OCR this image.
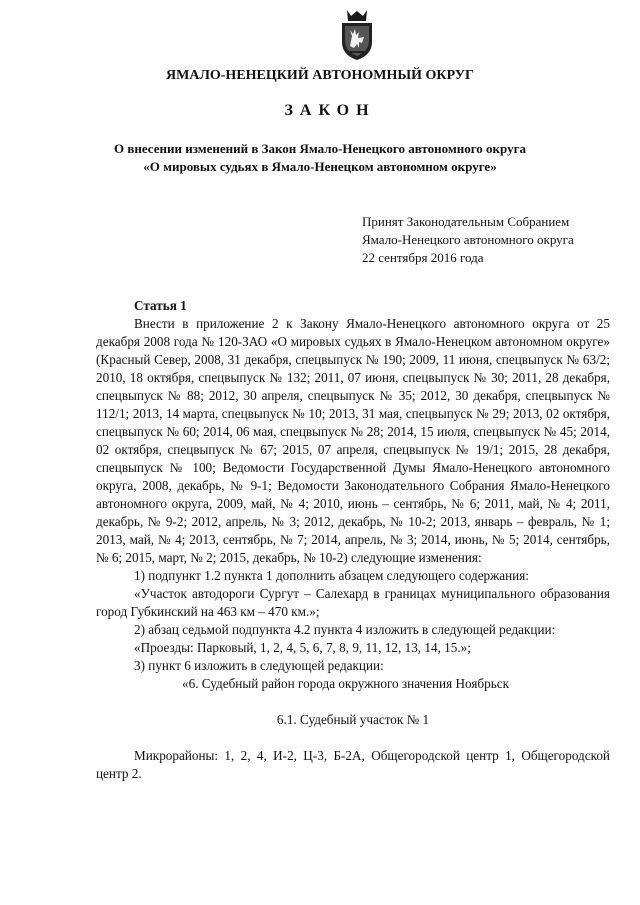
ЯМАЛО-НЕНЕЦКИЙ АВТОНОМНЫЙ ОКРУГ
ЗАКОН
О внесении изменений в Закон Ямало-Ненецкого автономного округа
«О мировых судьях в Ямало-Ненецком автономном округе»
Принят Законодательным Собранием
Ямало-Ненецкого автономного округа
22 сентября 2016 года

Статья 1

Внести в приложение 2 к Закону Ямало-Ненецкого автономного округа от 25 декабря 2008 года № 120-ЗАО «О мировых судьях в Ямало-Ненецком автономном округе» (Красный Север, 2008, 31 декабря, спецвыпуск № 190; 2009, 11 июня, спецвыпуск № 63/2; 2010, 18 октября, спецвыпуск № 132; 2011, 07 июня, спецвыпуск № 30; 2011, 28 декабря, спецвыпуск № 88; 2012, 30 апреля, спецвыпуск № 35; 2012, 30 декабря, спецвыпуск № 112/1; 2013, 14 марта, спецвыпуск № 10; 2013, 31 мая, спецвыпуск № 29; 2013, 02 октября, спецвыпуск № 60; 2014, 06 мая, спецвыпуск № 28; 2014, 15 июля, спецвыпуск № 45; 2014, 02 октября, спецвыпуск № 67; 2015, 07 апреля, спецвыпуск № 19/1; 2015, 28 декабря, спецвыпуск № 100; Ведомости Государственной Думы Ямало-Ненецкого автономного округа, 2008, декабрь, № 9-1; Ведомости Законодательного Собрания Ямало-Ненецкого автономного округа, 2009, май, № 4; 2010, июнь – сентябрь, № 6; 2011, май, № 4; 2011, декабрь, № 9-2; 2012, апрель, № 3; 2012, декабрь, № 10-2; 2013, январь – февраль, № 1; 2013, май, № 4; 2013, сентябрь, № 7; 2014, апрель, № 3; 2014, июнь, № 5; 2014, сентябрь, № 6; 2015, март, № 2; 2015, декабрь, № 10-2) следующие изменения:

1) подпункт 1.2 пункта 1 дополнить абзацем следующего содержания:

«Участок автодороги Сургут – Салехард в границах муниципального образования город Губкинский на 463 км – 470 км.»;

2) абзац седьмой подпункта 4.2 пункта 4 изложить в следующей редакции:

«Проезды: Парковый, 1, 2, 4, 5, 6, 7, 8, 9, 11, 12, 13, 14, 15.»;

3) пункт 6 изложить в следующей редакции:

«6. Судебный район города окружного значения Ноябрьск

6.1. Судебный участок № 1

Микрорайоны: 1, 2, 4, И-2, Ц-3, Б-2А, Общегородской центр 1, Общегородской центр 2.
